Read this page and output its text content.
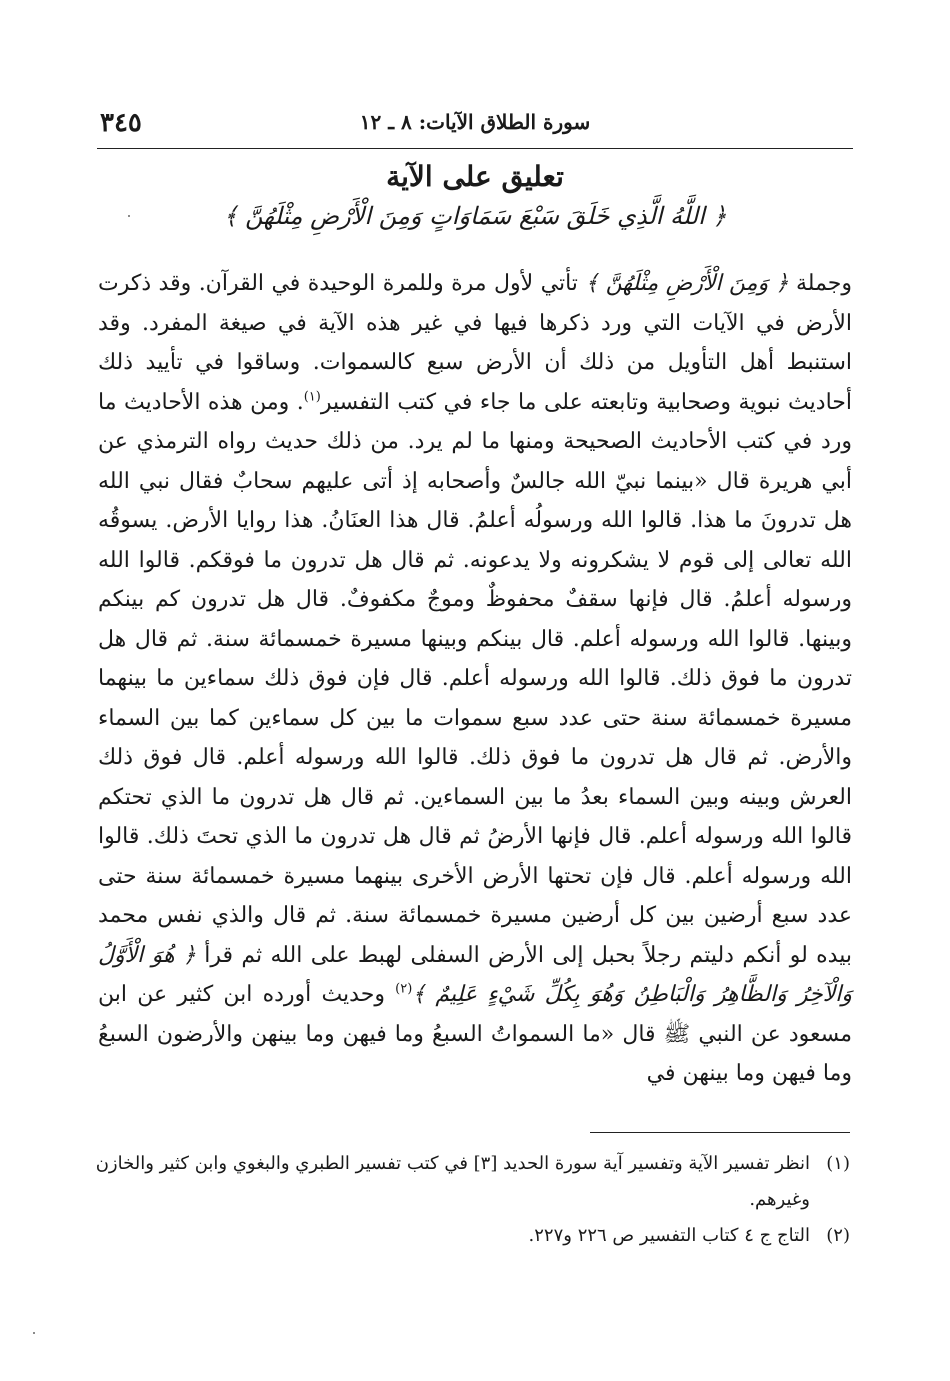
٣٤٥	سورة الطلاق الآيات: ٨ ـ ١٢
تعليق على الآية
﴿ اللَّهُ الَّذِي خَلَقَ سَبْعَ سَمَاوَاتٍ وَمِنَ الْأَرْضِ مِثْلَهُنَّ ﴾

وجملة ﴿ وَمِنَ الْأَرْضِ مِثْلَهُنَّ ﴾ تأتي لأول مرة وللمرة الوحيدة في القرآن. وقد ذكرت الأرض في الآيات التي ورد ذكرها فيها في غير هذه الآية في صيغة المفرد. وقد استنبط أهل التأويل من ذلك أن الأرض سبع كالسموات. وساقوا في تأييد ذلك أحاديث نبوية وصحابية وتابعته على ما جاء في كتب التفسير$^{(١)}$. ومن هذه الأحاديث ما ورد في كتب الأحاديث الصحيحة ومنها ما لم يرد. من ذلك حديث رواه الترمذي عن أبي هريرة قال «بينما نبيّ الله جالسٌ وأصحابه إذ أتى عليهم سحابٌ فقال نبي الله هل تدرونَ ما هذا. قالوا الله ورسولُه أعلمُ. قال هذا العنَانُ. هذا روايا الأرض. يسوقُه الله تعالى إلى قوم لا يشكرونه ولا يدعونه. ثم قال هل تدرون ما فوقكم. قالوا الله ورسوله أعلمُ. قال فإنها سقفٌ محفوظٌ وموجٌ مكفوفٌ. قال هل تدرون كم بينكم وبينها. قالوا الله ورسوله أعلم. قال بينكم وبينها مسيرة خمسمائة سنة. ثم قال هل تدرون ما فوق ذلك. قالوا الله ورسوله أعلم. قال فإن فوق ذلك سماءين ما بينهما مسيرة خمسمائة سنة حتى عدد سبع سموات ما بين كل سماءين كما بين السماء والأرض. ثم قال هل تدرون ما فوق ذلك. قالوا الله ورسوله أعلم. قال فوق ذلك العرش وبينه وبين السماء بعدُ ما بين السماءين. ثم قال هل تدرون ما الذي تحتكم قالوا الله ورسوله أعلم. قال فإنها الأرضُ ثم قال هل تدرون ما الذي تحتَ ذلك. قالوا الله ورسوله أعلم. قال فإن تحتها الأرض الأخرى بينهما مسيرة خمسمائة سنة حتى عدد سبع أرضين بين كل أرضين مسيرة خمسمائة سنة. ثم قال والذي نفس محمد بيده لو أنكم دليتم رجلاً بحبل إلى الأرض السفلى لهبط على الله ثم قرأ ﴿ هُوَ الْأَوَّلُ وَالْآخِرُ وَالظَّاهِرُ وَالْبَاطِنُ وَهُوَ بِكُلِّ شَيْءٍ عَلِيمٌ ﴾$^{(٢)}$ وحديث أورده ابن كثير عن ابن مسعود عن النبي ﷺ قال «ما السمواتُ السبعُ وما فيهن وما بينهن والأرضون السبعُ وما فيهن وما بينهن في

(١)
انظر تفسير الآية وتفسير آية سورة الحديد [٣] في كتب تفسير الطبري والبغوي وابن كثير والخازن وغيرهم.
(٢)
التاج ج ٤ كتاب التفسير ص ٢٢٦ و٢٢٧.
